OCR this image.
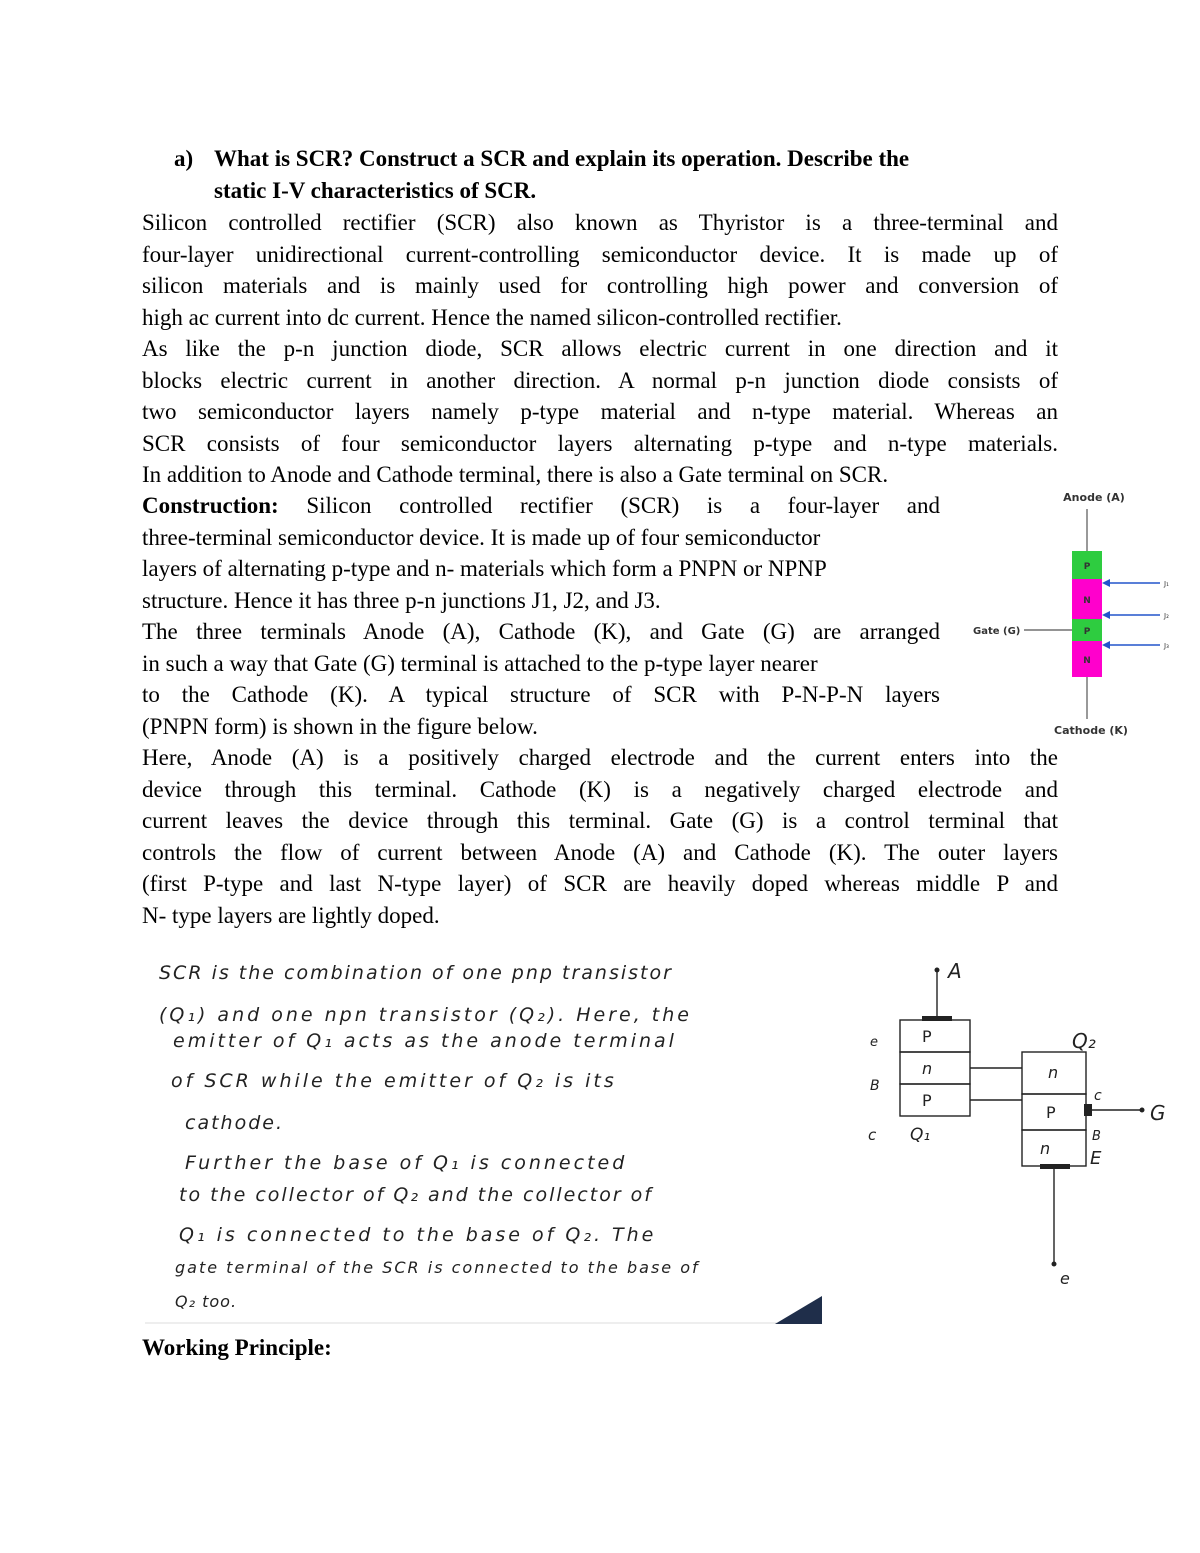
a) What is SCR? Construct a SCR and explain its operation. Describe the
static I-V characteristics of SCR.
Silicon controlled rectifier (SCR) also known as Thyristor is a three-terminal and
four-layer unidirectional current-controlling semiconductor device. It is made up of
silicon materials and is mainly used for controlling high power and conversion of
high ac current into dc current. Hence the named silicon-controlled rectifier.
As like the p-n junction diode, SCR allows electric current in one direction and it
blocks electric current in another direction. A normal p-n junction diode consists of
two semiconductor layers namely p-type material and n-type material. Whereas an
SCR consists of four semiconductor layers alternating p-type and n-type materials.
In addition to Anode and Cathode terminal, there is also a Gate terminal on SCR.
Construction: Silicon controlled rectifier (SCR) is a four-layer and
three-terminal semiconductor device. It is made up of four semiconductor
layers of alternating p-type and n- materials which form a PNPN or NPNP
structure. Hence it has three p-n junctions J1, J2, and J3.
The three terminals Anode (A), Cathode (K), and Gate (G) are arranged
in such a way that Gate (G) terminal is attached to the p-type layer nearer
to the Cathode (K). A typical structure of SCR with P-N-P-N layers
(PNPN form) is shown in the figure below.
Here, Anode (A) is a positively charged electrode and the current enters into the
device through this terminal. Cathode (K) is a negatively charged electrode and
current leaves the device through this terminal. Gate (G) is a control terminal that
controls the flow of current between Anode (A) and Cathode (K). The outer layers
(first P-type and last N-type layer) of SCR are heavily doped whereas middle P and
N- type layers are lightly doped.
Anode (A)
P
N
P
N
Cathode (K)
Gate (G)
J₁
J₂
J₃
SCR is the combination of one pnp transistor
(Q₁) and one npn transistor (Q₂). Here, the
emitter of Q₁ acts as the anode terminal
of SCR while the emitter of Q₂ is its
cathode.
Further the base of Q₁ is connected
to the collector of Q₂ and the collector of
Q₁ is connected to the base of Q₂. The
gate terminal of the SCR is connected to the base of
Q₂ too.
A
e
B
c
P
n
P
Q₁
Q₂
c
B
E
n
P
n
G
e
Working Principle:
